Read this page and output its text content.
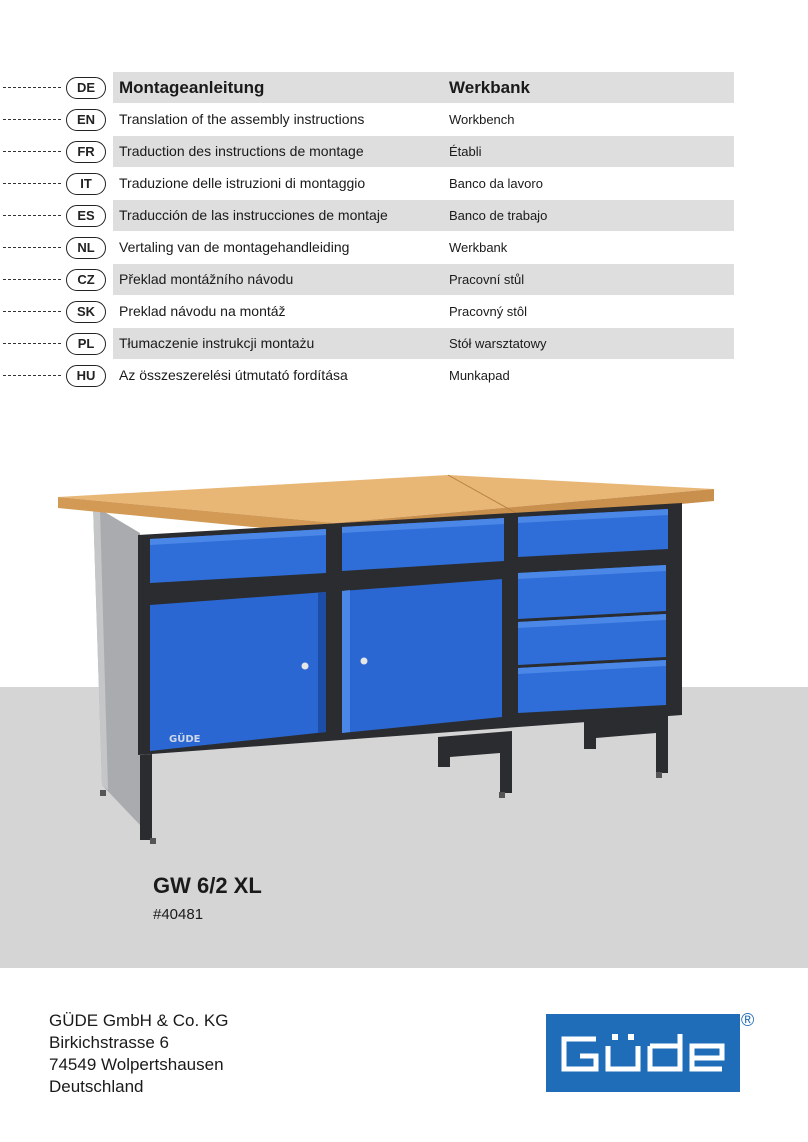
DE	Montageanleitung	Werkbank
EN	Translation of the assembly instructions	Workbench
FR	Traduction des instructions de montage	Établi
IT	Traduzione delle istruzioni di montaggio	Banco da lavoro
ES	Traducción de las instrucciones de montaje	Banco de trabajo
NL	Vertaling van de montagehandleiding	Werkbank
CZ	Překlad montážního návodu	Pracovní stůl
SK	Preklad návodu na montáž	Pracovný stôl
PL	Tłumaczenie instrukcji montażu	Stół warsztatowy
HU	Az összeszerelési útmutató fordítása	Munkapad
GÜDE
GW 6/2 XL
#40481
GÜDE GmbH & Co. KG
Birkichstrasse 6
74549 Wolpertshausen
Deutschland
®
